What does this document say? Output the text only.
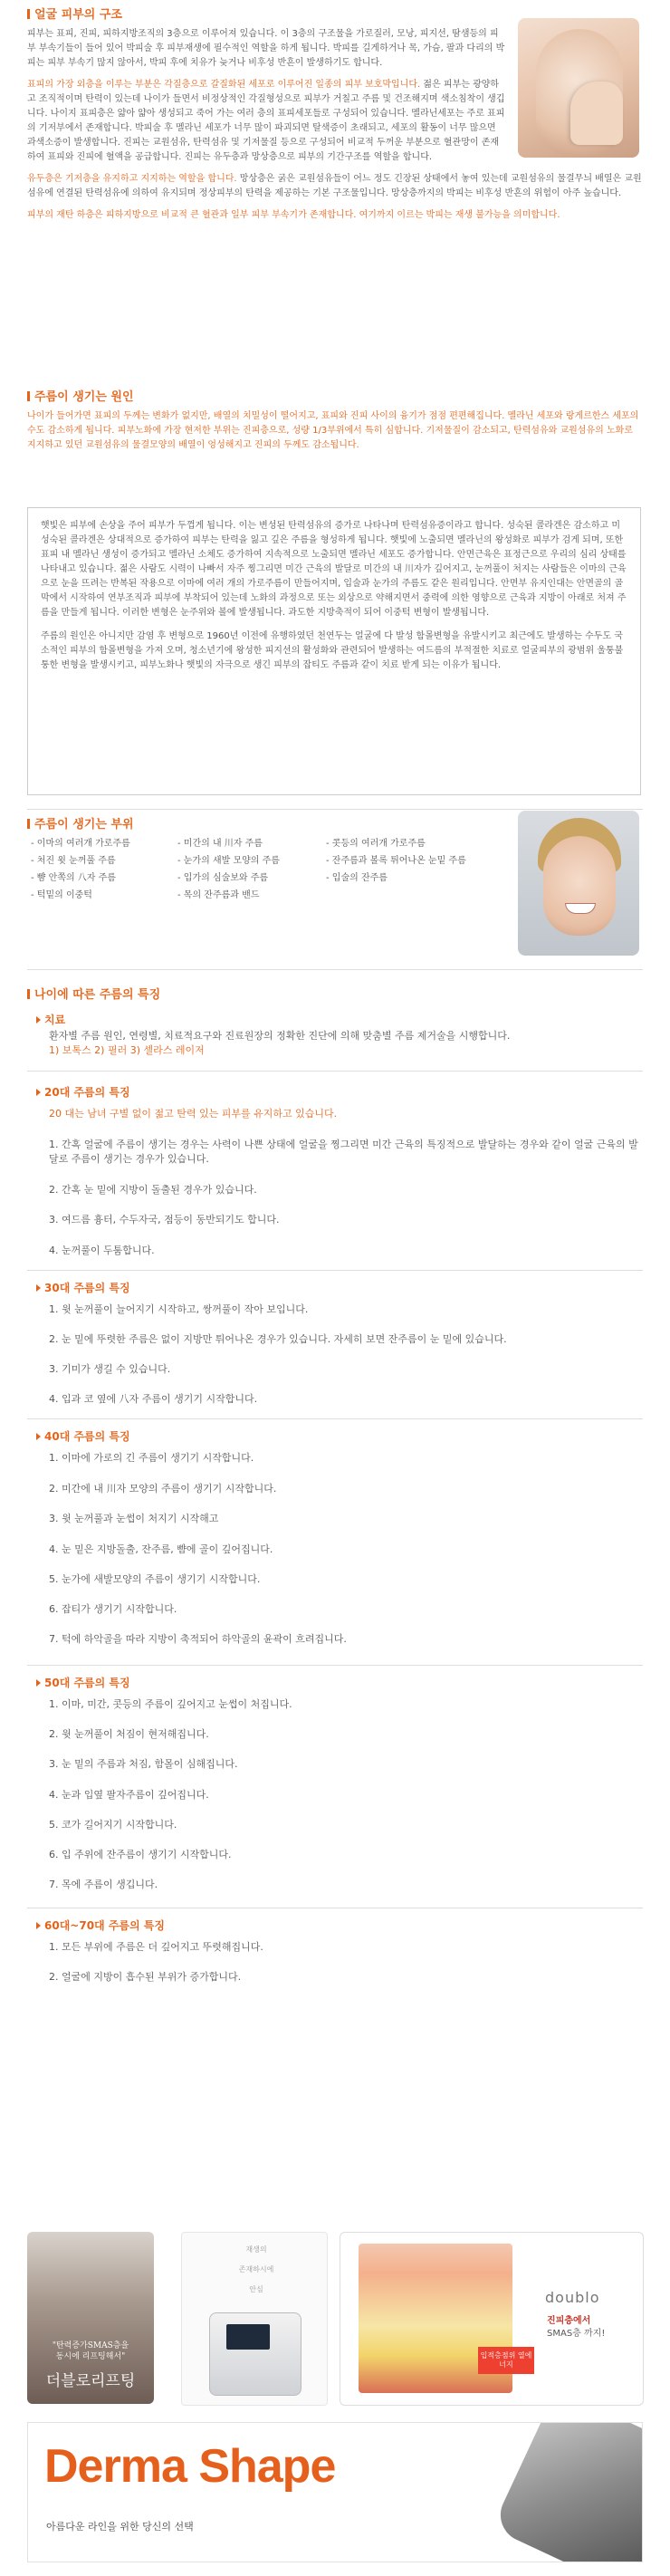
얼굴 피부의 구조

피부는 표피, 진피, 피하지방조직의 3층으로 이루어져 있습니다. 이 3층의 구조물을 가로질러, 모낭, 피지선, 땀샘등의 피부 부속기들이 들어 있어 박피술 후 피부재생에 필수적인 역할을 하게 됩니다. 박피를 길게하거나 목, 가슴, 팔과 다리의 박피는 피부 부속기 많지 않아서, 박피 후에 치유가 늦거나 비후성 반흔이 발생하기도 합니다.

표피의 가장 외층을 이루는 부분은 각질층으로 갈질화된 세포로 이루어진 일종의 피부 보호막입니다. 젊은 피부는 광양하고 조직적이며 탄력이 있는데 나이가 들면서 비정상적인 각질형성으로 피부가 거칠고 주름 및 건조해지며 색소침착이 생깁니다. 나이지 표피층은 얇아 얇아 생성되고 죽어 가는 여러 층의 표피세포들로 구성되어 있습니다. 멜라닌세포는 주로 표피의 기저부에서 존재합니다. 박피술 후 멜라닌 세포가 너무 많이 파괴되면 탈색증이 초래되고, 세포의 활동이 너무 많으면 과색소증이 발생합니다. 진피는 교원섬유, 탄력섬유 및 기저물질 등으로 구성되어 비교적 두꺼운 부분으로 혈관망이 존재하여 표피와 진피에 혈액을 공급합니다. 진피는 유두층과 망상층으로 피부의 기간구조를 역할을 합니다.

유두층은 기저층을 유지하고 지지하는 역할을 합니다. 망상층은 굵은 교원섬유들이 어느 정도 긴장된 상태에서 놓여 있는데 교원섬유의 물결무늬 배열은 교원섬유에 연결된 탄력섬유에 의하여 유지되며 정상피부의 탄력을 제공하는 기본 구조물입니다. 망상층까지의 박피는 비후성 반흔의 위험이 아주 높습니다.

피부의 재탄 하층은 피하지방으로 비교적 큰 혈관과 일부 피부 부속기가 존재합니다. 여기까지 이르는 박피는 재생 불가능을 의미합니다.

주름이 생기는 원인

나이가 들어가면 표피의 두께는 변화가 없지만, 배열의 치밀성이 떨어지고, 표피와 진피 사이의 융기가 점점 편편해집니다. 멜라닌 세포와 랑게르한스 세포의 수도 감소하게 됩니다. 피부노화에 가장 현저한 부위는 진피층으로, 성량 1/3부위에서 특히 심합니다. 기저물질이 감소되고, 탄력섬유와 교원섬유의 노화로 지지하고 있던 교원섬유의 물결모양의 배열이 엉성해지고 진피의 두께도 감소됩니다.

햇빛은 피부에 손상을 주어 피부가 두껍게 됩니다. 이는 변성된 탄력섬유의 증가로 나타나며 탄력섬유증이라고 합니다. 성숙된 콜라겐은 감소하고 미성숙된 콜라겐은 상대적으로 증가하여 피부는 탄력을 잃고 깊은 주름을 형성하게 됩니다. 햇빛에 노출되면 멜라닌의 왕성화로 피부가 검게 되며, 또한 표피 내 멜라닌 생성이 증가되고 멜라닌 소체도 증가하여 지속적으로 노출되면 멜라닌 세포도 증가합니다. 안면근육은 표정근으로 우리의 심리 상태를 나타내고 있습니다. 젊은 사람도 시력이 나빠서 자주 찡그리면 미간 근육의 발달로 미간의 내 川자가 깊어지고, 눈꺼풀이 처지는 사람들은 이마의 근육으로 눈을 뜨려는 반복된 작용으로 이마에 여러 개의 가로주름이 만들어지며, 입술과 눈가의 주름도 같은 원리입니다. 안면부 유지인대는 안면골의 골막에서 시작하여 연부조직과 피부에 부착되어 있는데 노화의 과정으로 또는 외상으로 약해지면서 중력에 의한 영향으로 근육과 지방이 아래로 처져 주름을 만들게 됩니다. 이러한 변형은 눈주위와 볼에 발생됩니다. 과도한 지방축적이 되어 이중턱 변형이 발생됩니다.

주름의 원인은 아니지만 감염 후 변형으로 1960년 이전에 유행하였던 천연두는 얼굴에 다 발성 함몰변형을 유발시키고 최근에도 발생하는 수두도 국소적인 피부의 함몰변형을 가져 오며, 청소년기에 왕성한 피지선의 활성화와 관련되어 발생하는 여드름의 부적절한 치료로 얼굴피부의 광범위 울퉁불퉁한 변형을 발생시키고, 피부노화나 햇빛의 자극으로 생긴 피부의 잡티도 주름과 같이 치료 받게 되는 이유가 됩니다.

주름이 생기는 부위
- 이마의 여러개 가로주름
- 처진 윗 눈꺼풀 주름
- 뺨 안쪽의 八자 주름
- 턱밑의 이중턱
- 미간의 내 川자 주름
- 눈가의 새발 모양의 주름
- 입가의 심술보와 주름
- 목의 잔주름과 밴드
- 콧등의 여러개 가로주름
- 잔주름과 볼록 튀어나온 눈밑 주름
- 입술의 잔주름
나이에 따른 주름의 특징
치료
환자별 주름 원인, 연령별, 치료적요구와 진료원장의 정확한 진단에 의해 맞춤별 주름 제거술을 시행합니다.
1) 보톡스 2) 필러 3) 셀라스 레이저
20대 주름의 특징
20 대는 남녀 구별 없이 젊고 탄력 있는 피부를 유지하고 있습니다.
1. 간혹 얼굴에 주름이 생기는 경우는 사력이 나쁜 상태에 얼굴을 찡그리면 미간 근육의 특징적으로 발달하는 경우와 같이 얼굴 근육의 발달로 주름이 생기는 경우가 있습니다.
2. 간혹 눈 밑에 지방이 돌출된 경우가 있습니다.
3. 여드름 흉터, 수두자국, 점등이 동반되기도 합니다.
4. 눈꺼풀이 두툼합니다.
30대 주름의 특징
1. 윗 눈꺼풀이 늘어지기 시작하고, 쌍꺼풀이 작아 보입니다.
2. 눈 밑에 뚜렷한 주름은 없이 지방만 튀어나온 경우가 있습니다. 자세히 보면 잔주름이 눈 밑에 있습니다.
3. 기미가 생길 수 있습니다.
4. 입과 코 옆에 八자 주름이 생기기 시작합니다.
40대 주름의 특징
1. 이마에 가로의 긴 주름이 생기기 시작합니다.
2. 미간에 내 川자 모양의 주름이 생기기 시작합니다.
3. 윗 눈꺼풀과 눈썹이 처지기 시작해고
4. 눈 밑은 지방돌출, 잔주름, 뺨에 골이 깊어집니다.
5. 눈가에 새발모양의 주름이 생기기 시작합니다.
6. 잡티가 생기기 시작합니다.
7. 턱에 하악골을 따라 지방이 축적되어 하악골의 윤곽이 흐려집니다.
50대 주름의 특징
1. 이마, 미간, 콧등의 주름이 깊어지고 눈썹이 처집니다.
2. 윗 눈꺼풀이 처짐이 현저해집니다.
3. 눈 밑의 주름과 처짐, 함몰이 심해집니다.
4. 눈과 입옆 팔자주름이 깊어집니다.
5. 코가 길어지기 시작합니다.
6. 입 주위에 잔주름이 생기기 시작합니다.
7. 목에 주름이 생깁니다.
60대~70대 주름의 특징
1. 모든 부위에 주름은 더 깊어지고 뚜렷해집니다.
2. 얼굴에 지방이 흡수된 부위가 증가합니다.
"탄력증가SMAS층을
동시에 리프팅해서"
더블로리프팅
재생의
존재하시에
안심
입적층점위 열에너지
doublo
진피층에서
SMAS층 까지!
Derma Shape
아름다운 라인을 위한 당신의 선택
